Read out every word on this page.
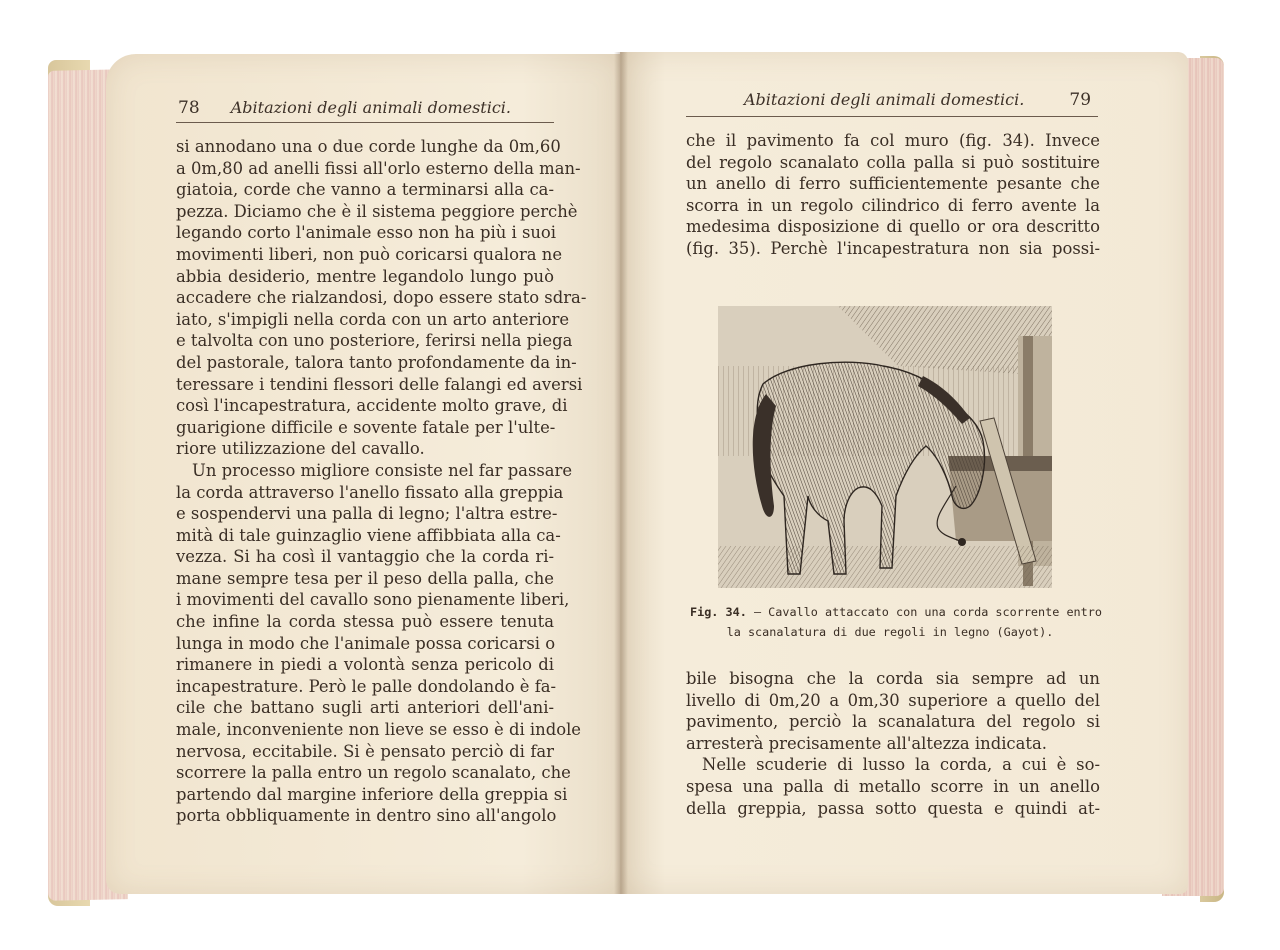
78 Abitazioni degli animali domestici.
si annodano una o due corde lunghe da 0m,60
a 0m,80 ad anelli fissi all'orlo esterno della man-
giatoia, corde che vanno a terminarsi alla ca-
pezza. Diciamo che è il sistema peggiore perchè
legando corto l'animale esso non ha più i suoi
movimenti liberi, non può coricarsi qualora ne
abbia desiderio, mentre legandolo lungo può
accadere che rialzandosi, dopo essere stato sdra-
iato, s'impigli nella corda con un arto anteriore
e talvolta con uno posteriore, ferirsi nella piega
del pastorale, talora tanto profondamente da in-
teressare i tendini flessori delle falangi ed aversi
così l'incapestratura, accidente molto grave, di
guarigione difficile e sovente fatale per l'ulte-
riore utilizzazione del cavallo.
Un processo migliore consiste nel far passare
la corda attraverso l'anello fissato alla greppia
e sospendervi una palla di legno; l'altra estre-
mità di tale guinzaglio viene affibbiata alla ca-
vezza. Si ha così il vantaggio che la corda ri-
mane sempre tesa per il peso della palla, che
i movimenti del cavallo sono pienamente liberi,
che infine la corda stessa può essere tenuta
lunga in modo che l'animale possa coricarsi o
rimanere in piedi a volontà senza pericolo di
incapestrature. Però le palle dondolando è fa-
cile che battano sugli arti anteriori dell'ani-
male, inconveniente non lieve se esso è di indole
nervosa, eccitabile. Si è pensato perciò di far
scorrere la palla entro un regolo scanalato, che
partendo dal margine inferiore della greppia si
porta obbliquamente in dentro sino all'angolo
Abitazioni degli animali domestici.	79
che il pavimento fa col muro (fig. 34). Invece
del regolo scanalato colla palla si può sostituire
un anello di ferro sufficientemente pesante che
scorra in un regolo cilindrico di ferro avente la
medesima disposizione di quello or ora descritto
(fig. 35). Perchè l'incapestratura non sia possi-
Fig. 34. — Cavallo attaccato con una corda scorrente entro
la scanalatura di due regoli in legno (Gayot).
bile bisogna che la corda sia sempre ad un
livello di 0m,20 a 0m,30 superiore a quello del
pavimento, perciò la scanalatura del regolo si
arresterà precisamente all'altezza indicata.
Nelle scuderie di lusso la corda, a cui è so-
spesa una palla di metallo scorre in un anello
della greppia, passa sotto questa e quindi at-
